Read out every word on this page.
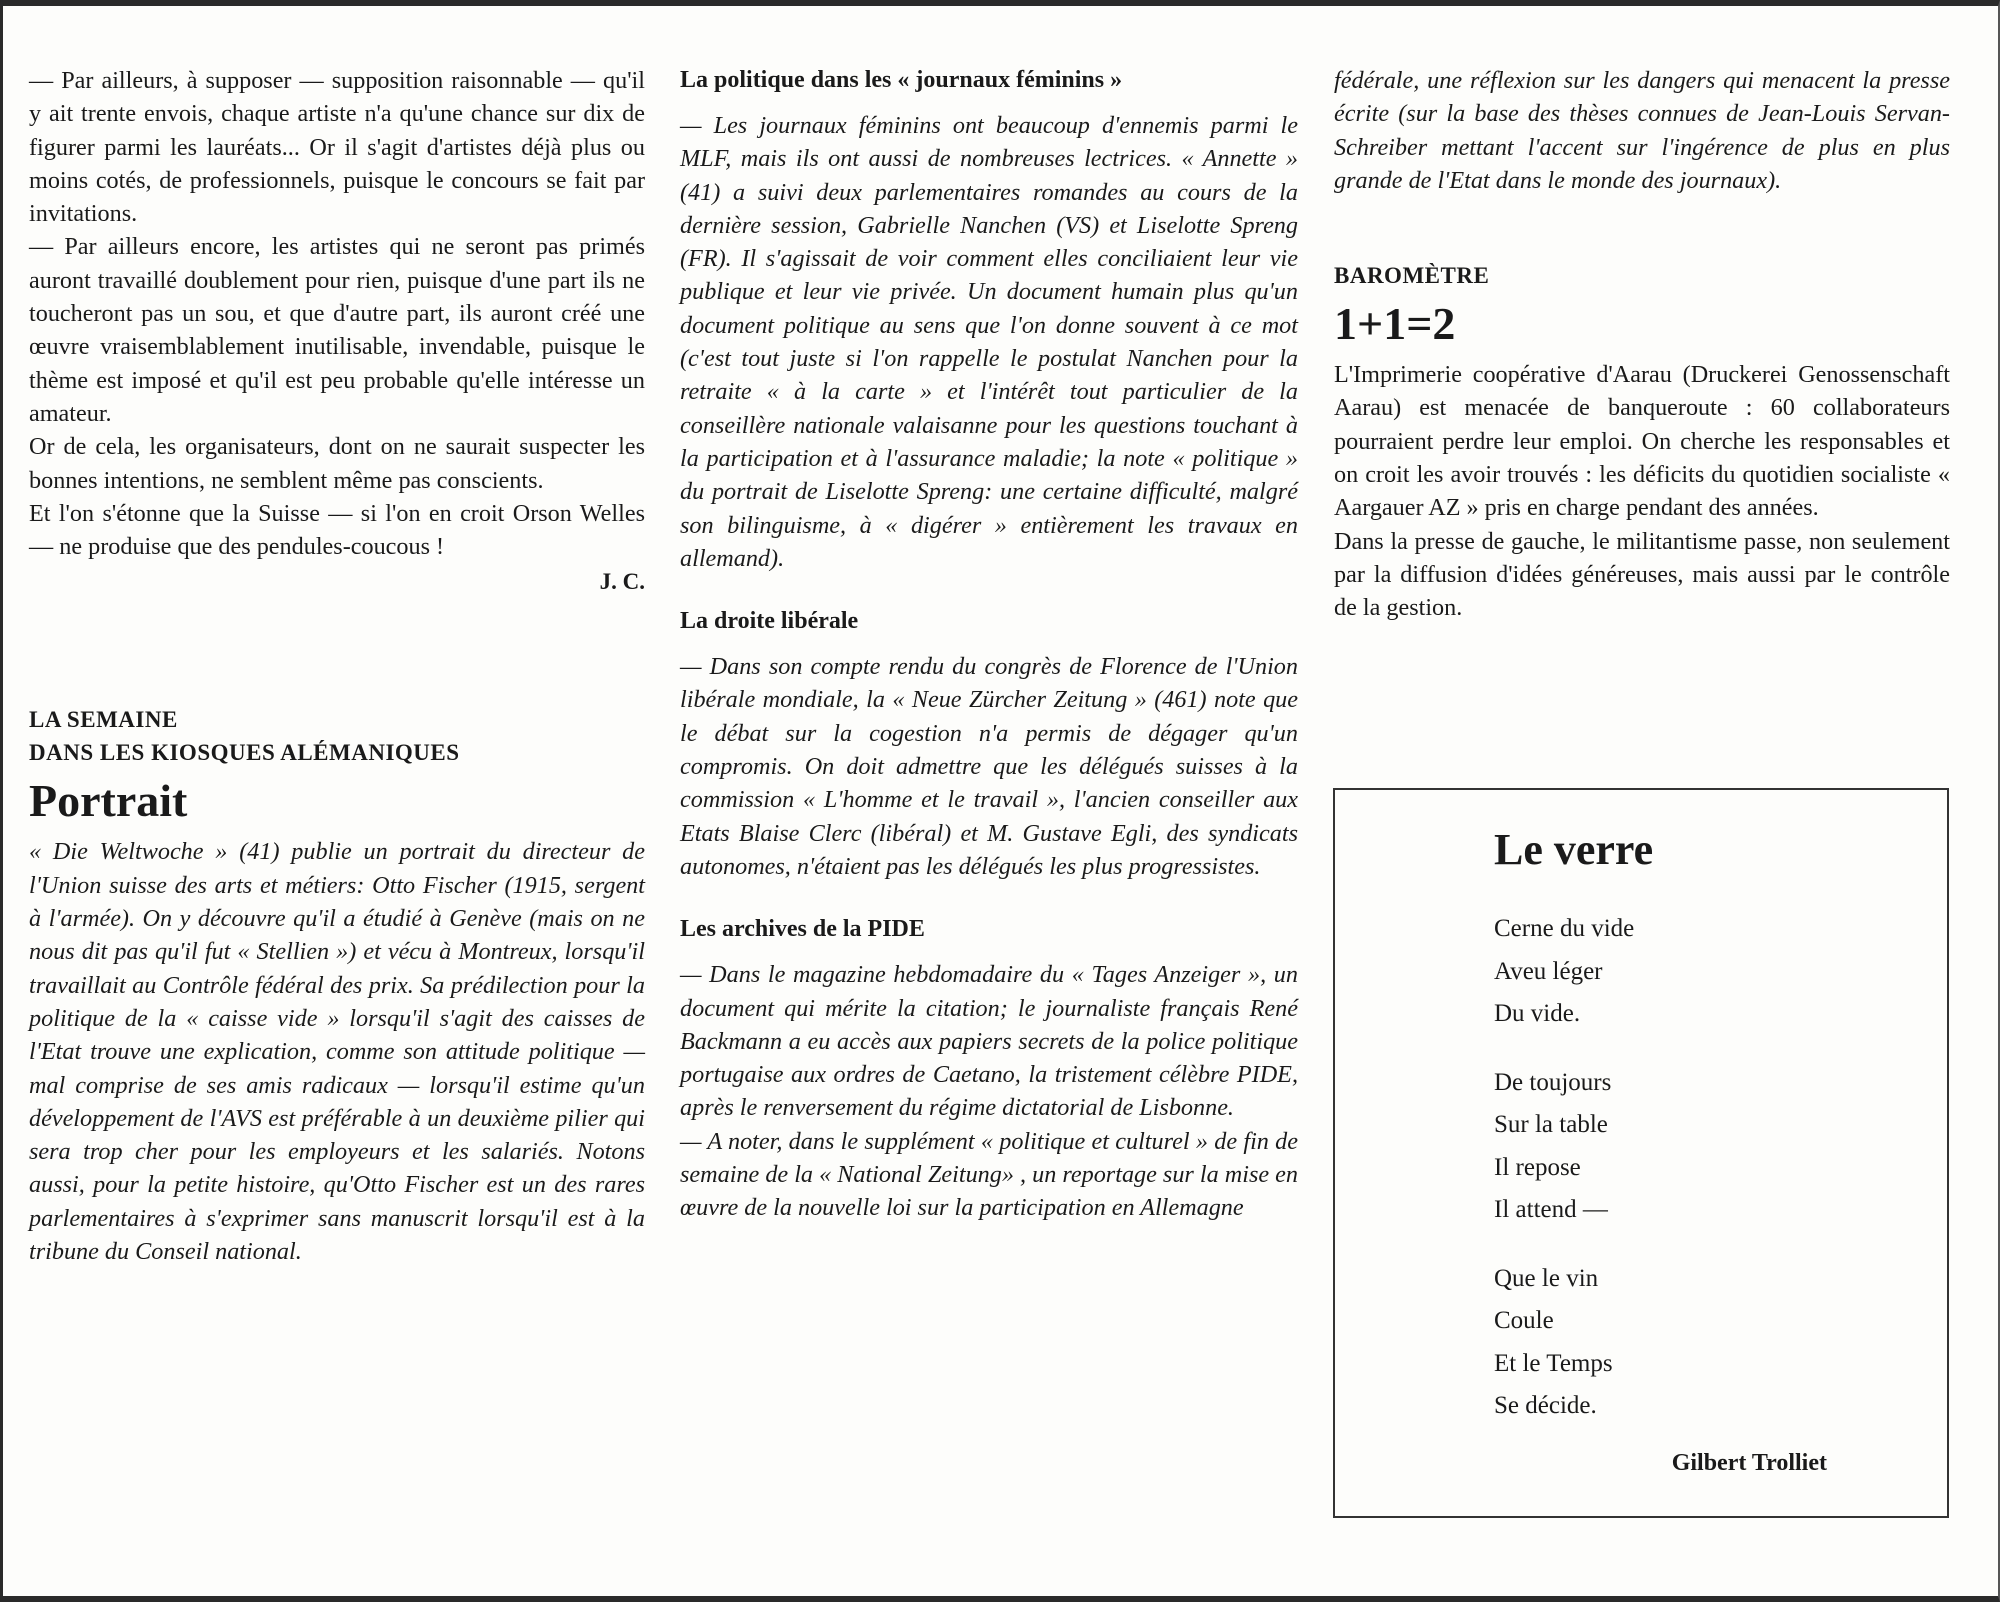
— Par ailleurs, à supposer — supposition raisonnable — qu'il y ait trente envois, chaque artiste n'a qu'une chance sur dix de figurer parmi les lauréats... Or il s'agit d'artistes déjà plus ou moins cotés, de professionnels, puisque le concours se fait par invitations.

— Par ailleurs encore, les artistes qui ne seront pas primés auront travaillé doublement pour rien, puisque d'une part ils ne toucheront pas un sou, et que d'autre part, ils auront créé une œuvre vraisemblablement inutilisable, invendable, puisque le thème est imposé et qu'il est peu probable qu'elle intéresse un amateur.

Or de cela, les organisateurs, dont on ne saurait suspecter les bonnes intentions, ne semblent même pas conscients.

Et l'on s'étonne que la Suisse — si l'on en croit Orson Welles — ne produise que des pendules-coucous !

J. C.
LA SEMAINE
DANS LES KIOSQUES ALÉMANIQUES
Portrait

« Die Weltwoche » (41) publie un portrait du directeur de l'Union suisse des arts et métiers: Otto Fischer (1915, sergent à l'armée). On y découvre qu'il a étudié à Genève (mais on ne nous dit pas qu'il fut « Stellien ») et vécu à Montreux, lorsqu'il travaillait au Contrôle fédéral des prix. Sa prédilection pour la politique de la « caisse vide » lorsqu'il s'agit des caisses de l'Etat trouve une explication, comme son attitude politique — mal comprise de ses amis radicaux — lorsqu'il estime qu'un développement de l'AVS est préférable à un deuxième pilier qui sera trop cher pour les employeurs et les salariés. Notons aussi, pour la petite histoire, qu'Otto Fischer est un des rares parlementaires à s'exprimer sans manuscrit lorsqu'il est à la tribune du Conseil national.

La politique dans les « journaux féminins »

— Les journaux féminins ont beaucoup d'ennemis parmi le MLF, mais ils ont aussi de nombreuses lectrices. « Annette » (41) a suivi deux parlementaires romandes au cours de la dernière session, Gabrielle Nanchen (VS) et Liselotte Spreng (FR). Il s'agissait de voir comment elles conciliaient leur vie publique et leur vie privée. Un document humain plus qu'un document politique au sens que l'on donne souvent à ce mot (c'est tout juste si l'on rappelle le postulat Nanchen pour la retraite « à la carte » et l'intérêt tout particulier de la conseillère nationale valaisanne pour les questions touchant à la participation et à l'assurance maladie; la note « politique » du portrait de Liselotte Spreng: une certaine difficulté, malgré son bilinguisme, à « digérer » entièrement les travaux en allemand).

La droite libérale

— Dans son compte rendu du congrès de Florence de l'Union libérale mondiale, la « Neue Zürcher Zeitung » (461) note que le débat sur la cogestion n'a permis de dégager qu'un compromis. On doit admettre que les délégués suisses à la commission « L'homme et le travail », l'ancien conseiller aux Etats Blaise Clerc (libéral) et M. Gustave Egli, des syndicats autonomes, n'étaient pas les délégués les plus progressistes.

Les archives de la PIDE

— Dans le magazine hebdomadaire du « Tages Anzeiger », un document qui mérite la citation; le journaliste français René Backmann a eu accès aux papiers secrets de la police politique portugaise aux ordres de Caetano, la tristement célèbre PIDE, après le renversement du régime dictatorial de Lisbonne.

— A noter, dans le supplément « politique et culturel » de fin de semaine de la « National Zeitung» , un reportage sur la mise en œuvre de la nouvelle loi sur la participation en Allemagne

fédérale, une réflexion sur les dangers qui menacent la presse écrite (sur la base des thèses connues de Jean-Louis Servan-Schreiber mettant l'accent sur l'ingérence de plus en plus grande de l'Etat dans le monde des journaux).

BAROMÈTRE
1+1=2

L'Imprimerie coopérative d'Aarau (Druckerei Genossenschaft Aarau) est menacée de banqueroute : 60 collaborateurs pourraient perdre leur emploi. On cherche les responsables et on croit les avoir trouvés : les déficits du quotidien socialiste « Aargauer AZ » pris en charge pendant des années.

Dans la presse de gauche, le militantisme passe, non seulement par la diffusion d'idées généreuses, mais aussi par le contrôle de la gestion.

Le verre
Cerne du vide
Aveu léger
Du vide.
De toujours
Sur la table
Il repose
Il attend —
Que le vin
Coule
Et le Temps
Se décide.
Gilbert Trolliet
